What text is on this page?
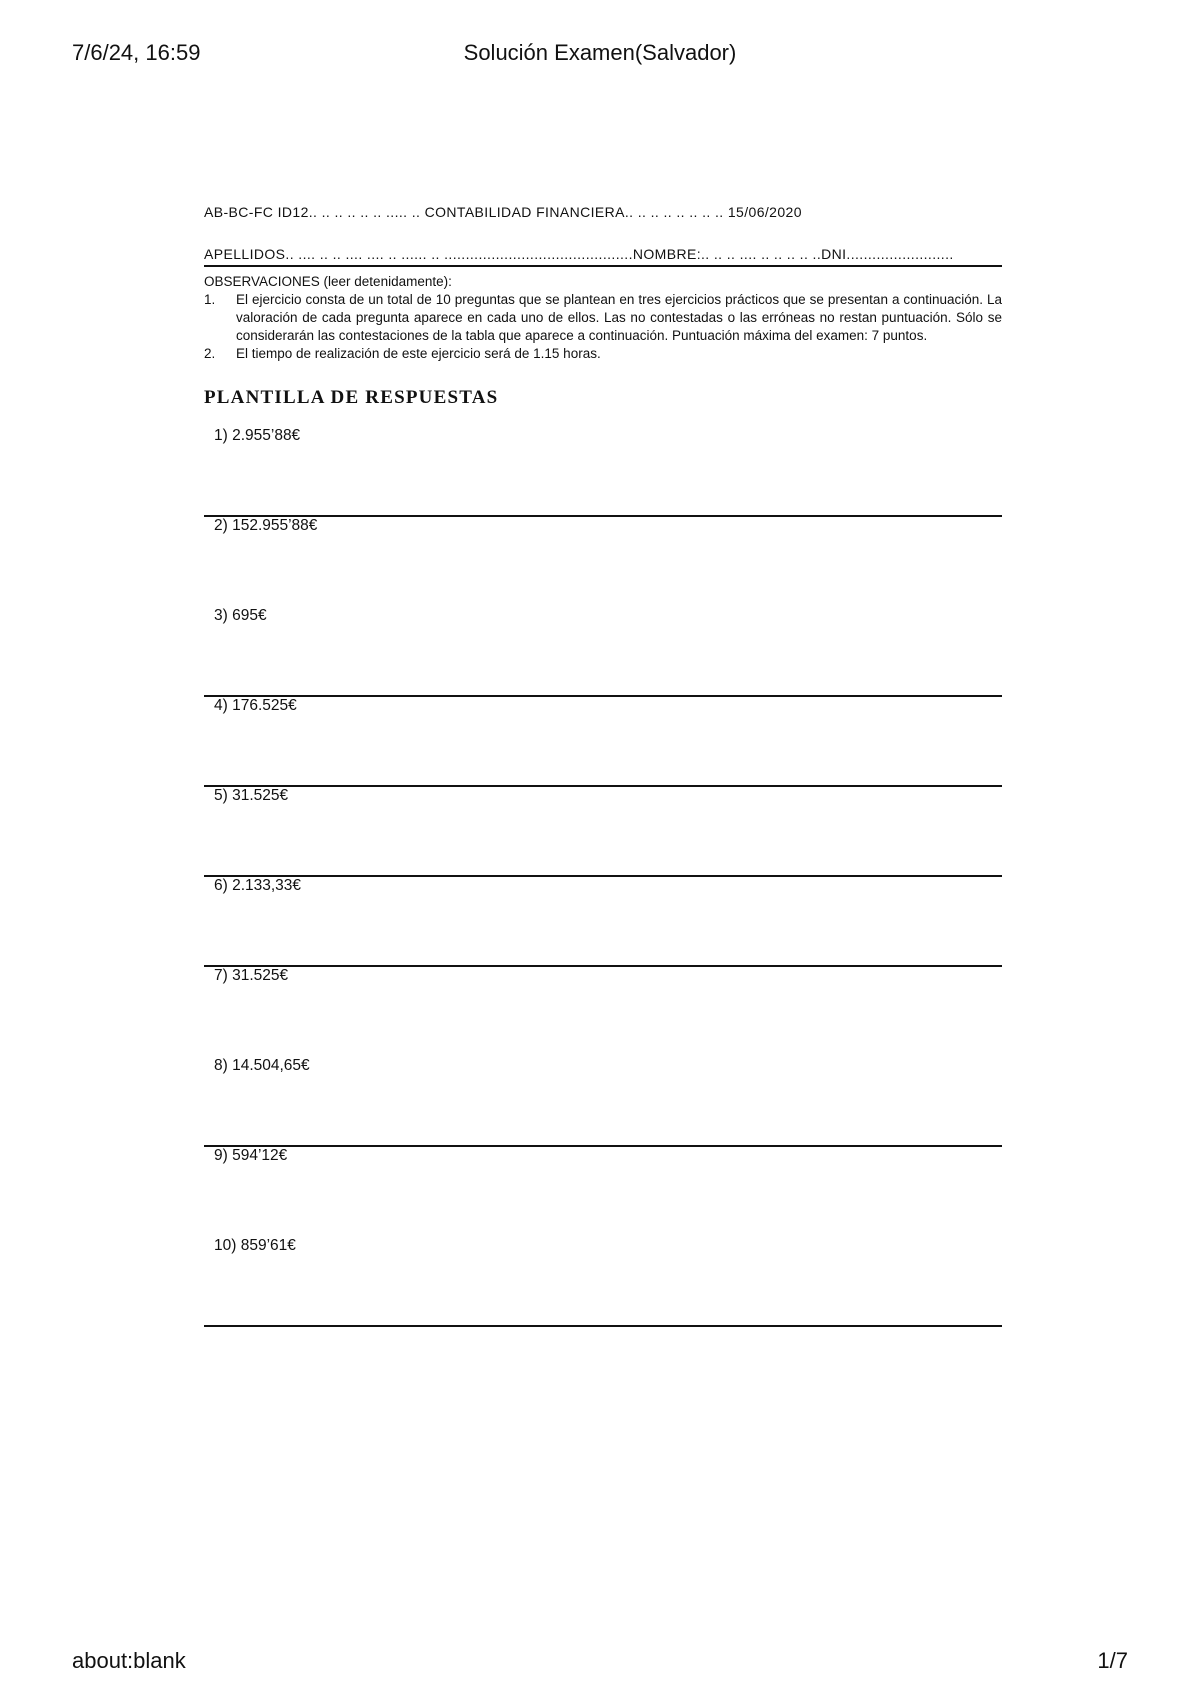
7/6/24, 16:59	Solución Examen(Salvador)
AB-BC-FC ID12.. .. .. .. .. .. ..... .. CONTABILIDAD FINANCIERA.. .. .. .. .. .. .. .. 15/06/2020
APELLIDOS.. .... .. .. .... .... .. ...... .. ............................................NOMBRE:.. .. .. .... .. .. .. .. ..DNI.........................
OBSERVACIONES (leer detenidamente):
1.	El ejercicio consta de un total de 10 preguntas que se plantean en tres ejercicios prácticos que se presentan a continuación. La valoración de cada pregunta aparece en cada uno de ellos. Las no contestadas o las erróneas no restan puntuación. Sólo se considerarán las contestaciones de la tabla que aparece a continuación. Puntuación máxima del examen: 7 puntos.
2.	El tiempo de realización de este ejercicio será de 1.15 horas.
PLANTILLA DE RESPUESTAS
1) 2.955’88€
2) 152.955’88€
3) 695€
4) 176.525€
5) 31.525€
6) 2.133,33€
7) 31.525€
8) 14.504,65€
9) 594’12€
10) 859’61€
about:blank	1/7
